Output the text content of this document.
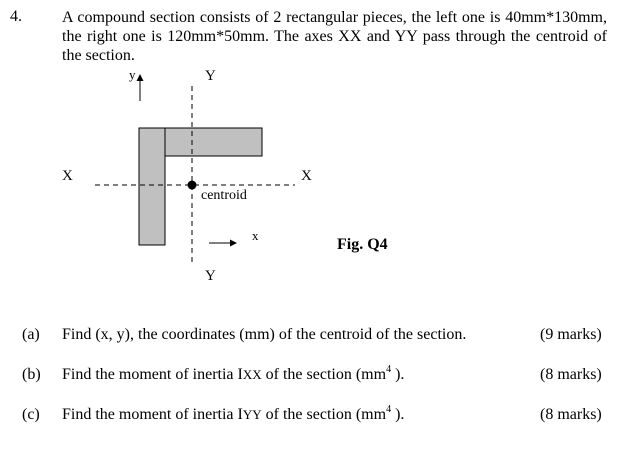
4.	A compound section consists of 2 rectangular pieces, the left one is 40mm*130mm, the right one is 120mm*50mm. The axes XX and YY pass through the centroid of the section.
y	Y
X	X
centroid
x
Y
Fig. Q4
(a) Find (x, y), the coordinates (mm) of the centroid of the section.	(9 marks)
(b) Find the moment of inertia IXX of the section ($mm^4$ ).	(8 marks)
(c) Find the moment of inertia IYY of the section ($mm^4$ ).	(8 marks)
